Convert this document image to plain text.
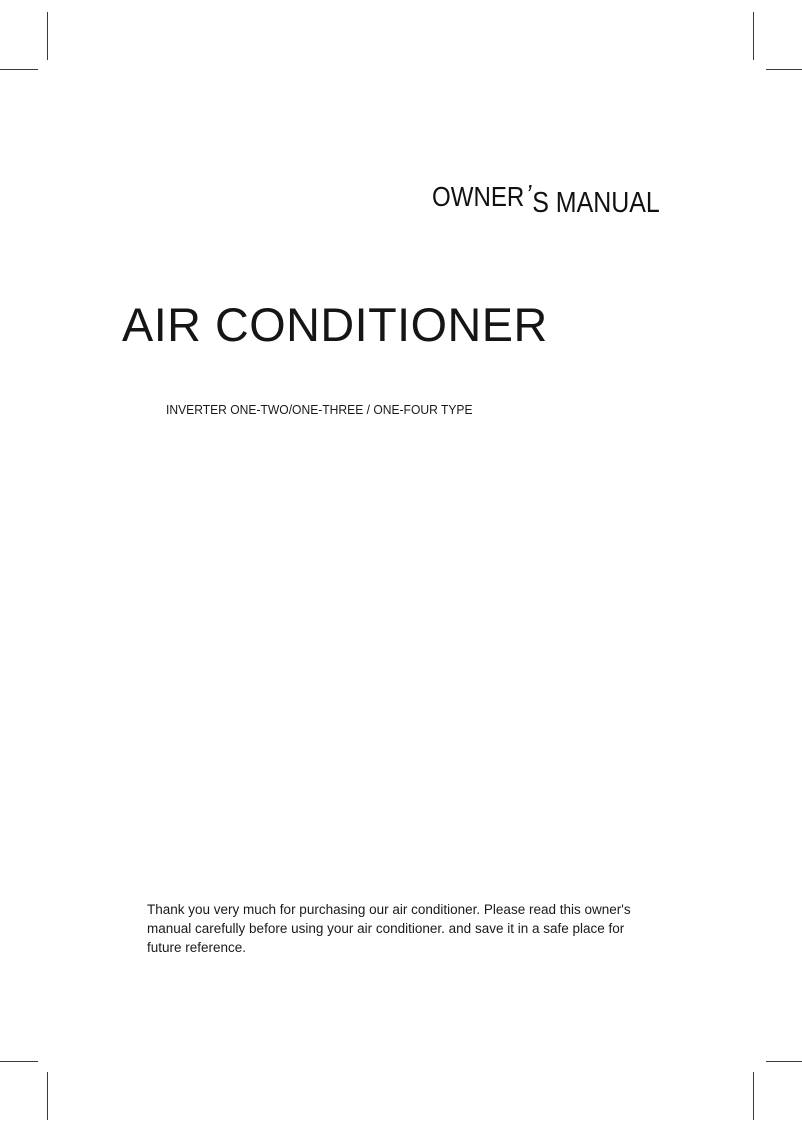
OWNER’S MANUAL
AIR CONDITIONER
INVERTER ONE-TWO/ONE-THREE / ONE-FOUR TYPE
Thank you very much for purchasing our air conditioner. Please read this owner's
manual carefully before using your air conditioner. and save it in a safe place for
future reference.
